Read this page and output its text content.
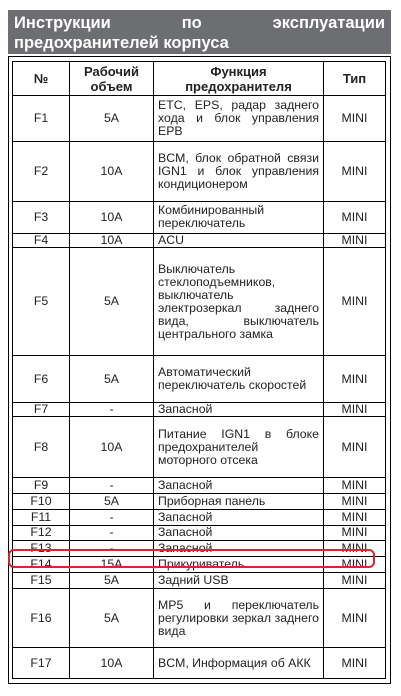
Инструкции	по	эксплуатации
предохранителей корпуса
№	Рабочий объем	Функция предохранителя	Тип
F1	5A	ETC, EPS, радар заднего хода и блок управления EPB	MINI
F2	10A	BCM, блок обратной связи IGN1 и блок управления кондиционером	MINI
F3	10A	Комбинированный переключатель	MINI
F4	10A	ACU	MINI
F5	5A	Выключатель стеклоподъемников, выключатель электрозеркал заднего вида, выключатель центрального замка	MINI
F6	5A	Автоматический переключатель скоростей	MINI
F7	-	Запасной	MINI
F8	10A	Питание IGN1 в блоке предохранителей моторного отсека	MINI
F9	-	Запасной	MINI
F10	5A	Приборная панель	MINI
F11	-	Запасной	MINI
F12	-	Запасной	MINI
F13	-	Запасной	MINI
F14	15A	Прикуриватель	MINI
F15	5A	Задний USB	MINI
F16	5A	MP5 и переключатель регулировки зеркал заднего вида	MINI
F17	10A	BCM, Информация об АКК	MINI
